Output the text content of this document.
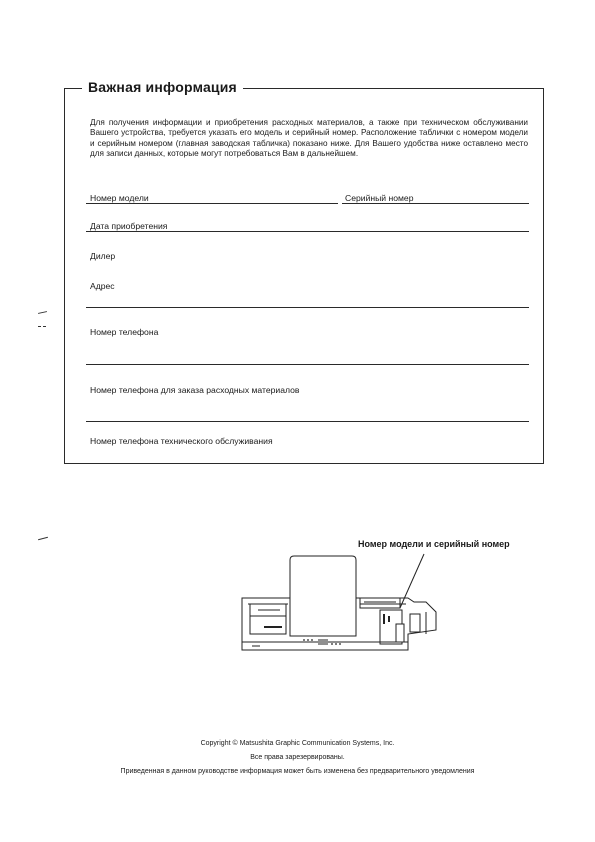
Важная информация

Для получения информации и приобретения расходных материалов, а также при техническом обслуживании Вашего устройства, требуется указать его модель и серийный номер. Расположение таблички с номером модели и серийным номером (главная заводская табличка) показано ниже. Для Вашего удобства ниже оставлено место для записи данных, которые могут потребоваться Вам в дальнейшем.

Номер модели	Серийный номер
Дата приобретения
Дилер
Адрес
Номер телефона
Номер телефона для заказа расходных материалов
Номер телефона технического обслуживания
Номер модели и серийный номер
Copyright © Matsushita Graphic Communication Systems, Inc.
Все права зарезервированы.
Приведенная в данном руководстве информация может быть изменена без предварительного уведомления
